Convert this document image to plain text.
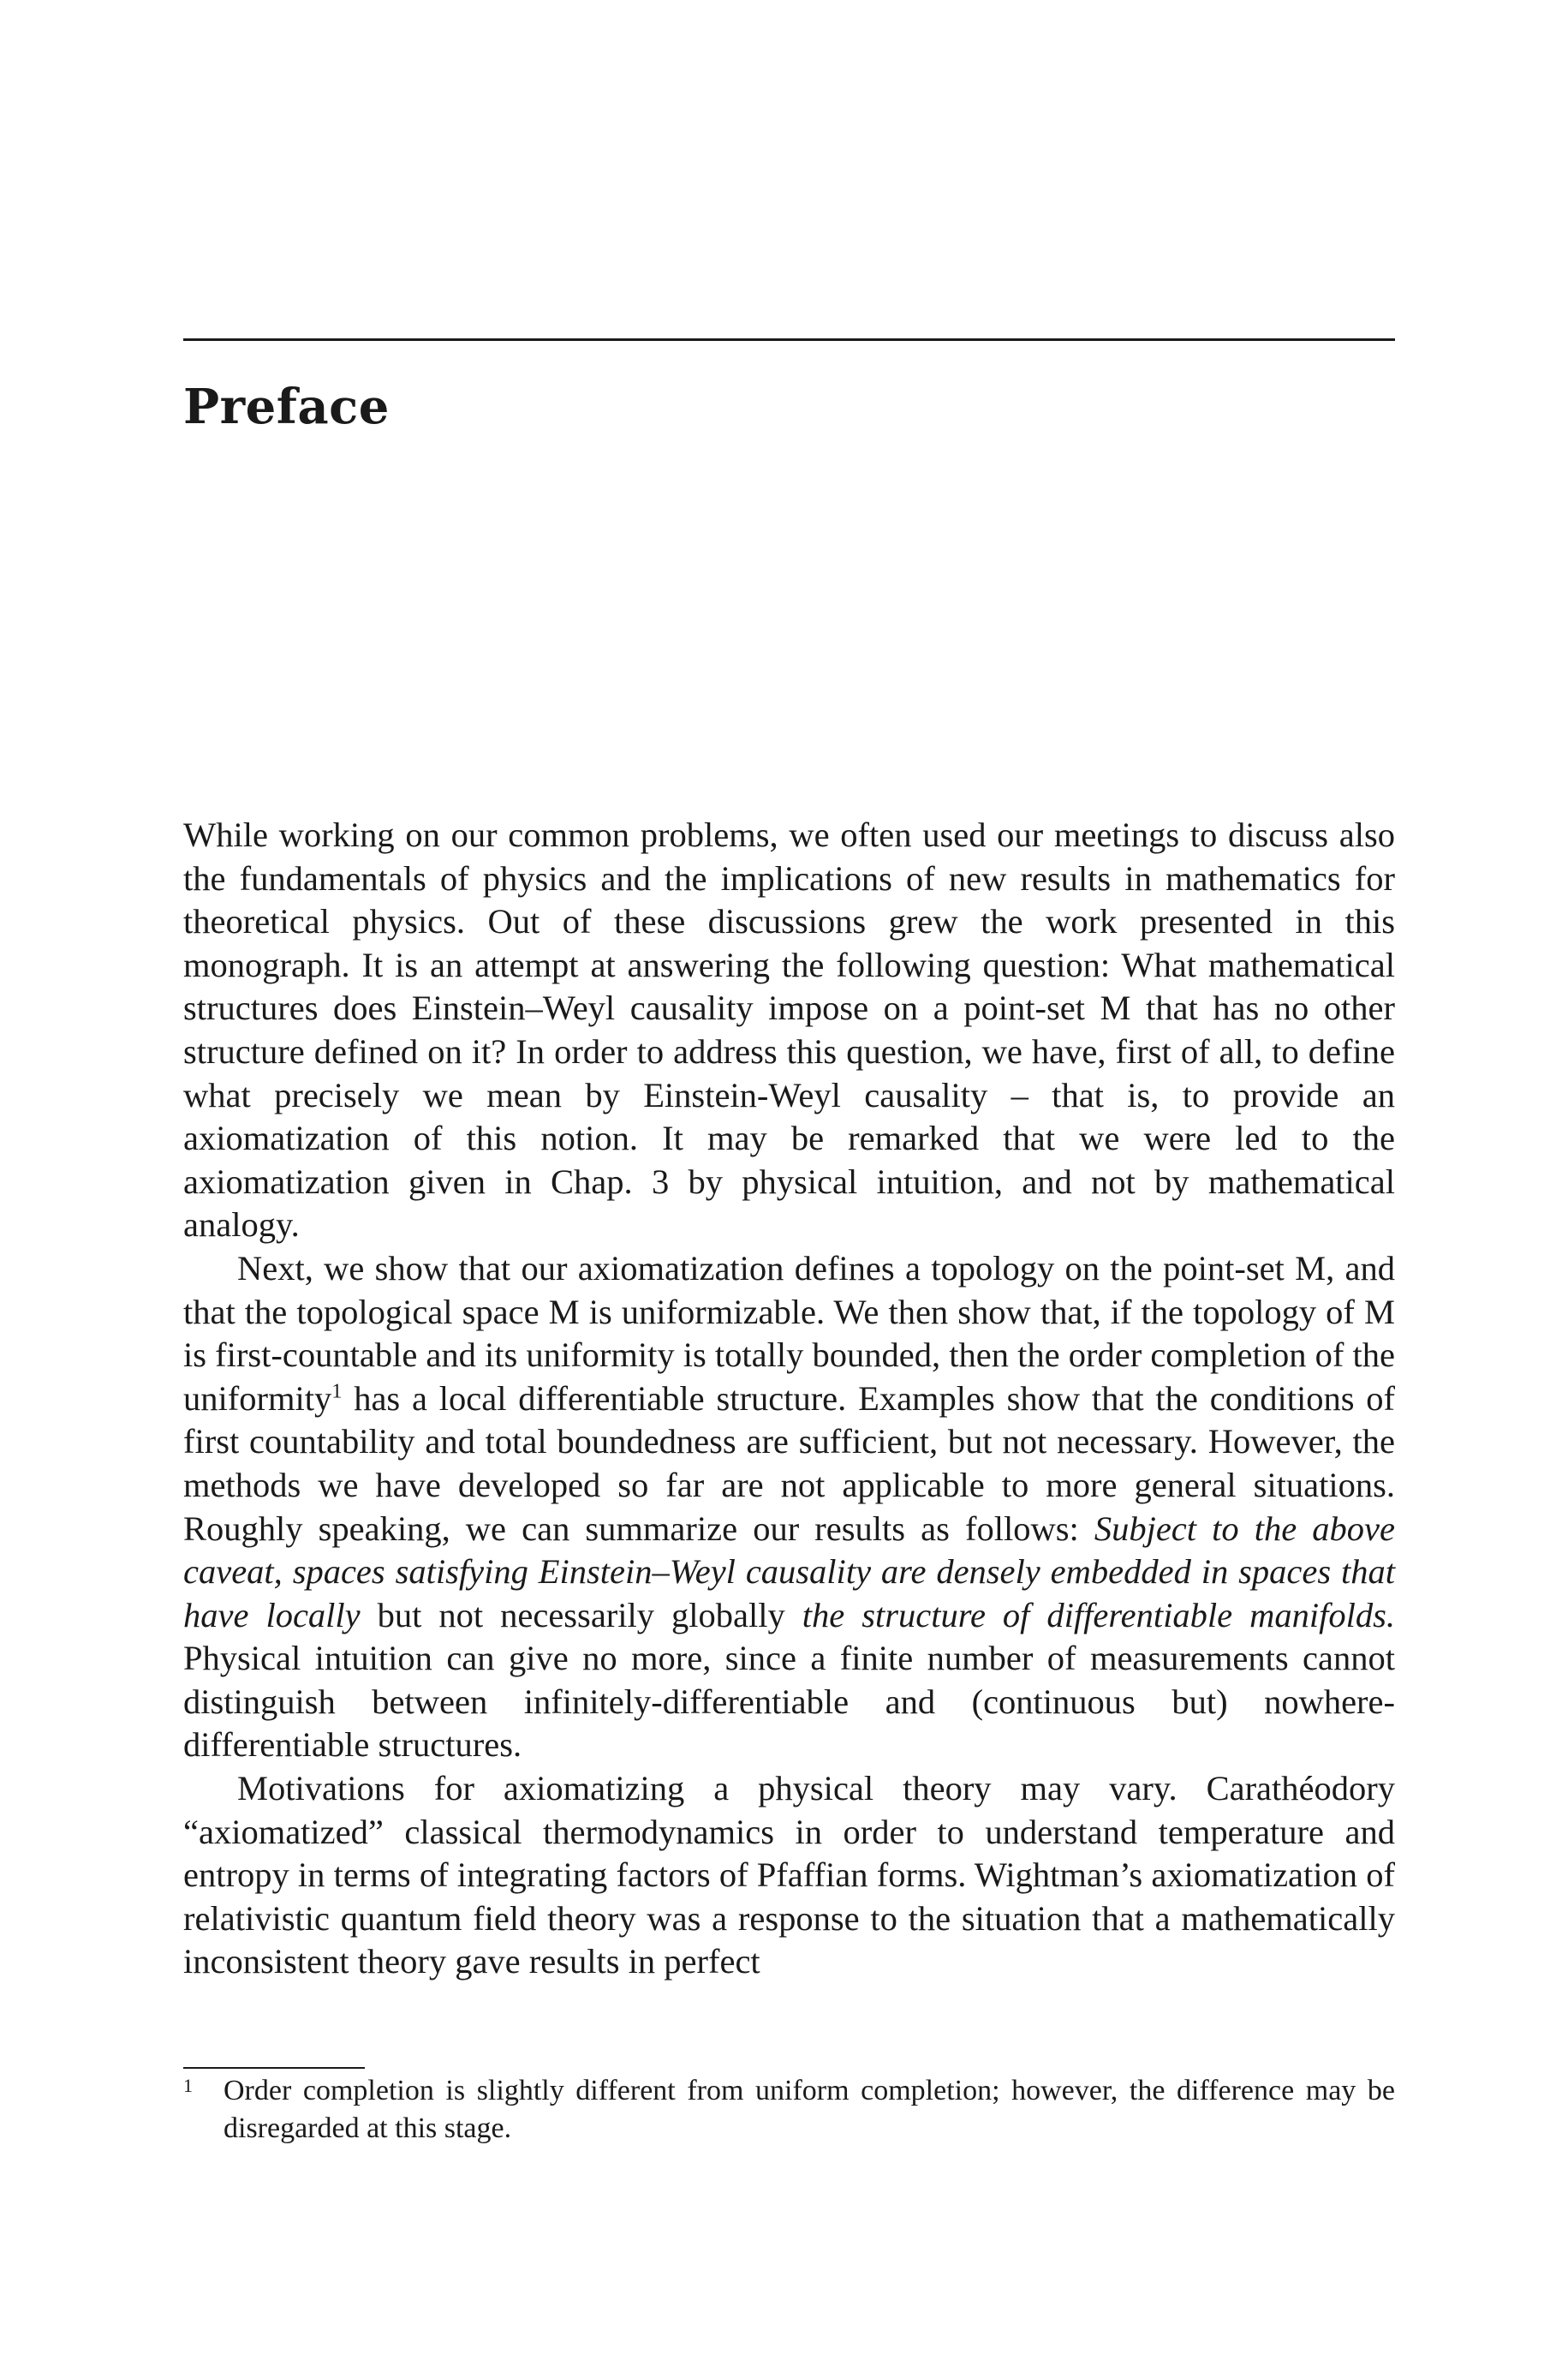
Preface

While working on our common problems, we often used our meetings to discuss also the fundamentals of physics and the implications of new results in mathematics for theoretical physics. Out of these discussions grew the work presented in this monograph. It is an attempt at answering the following question: What mathematical structures does Einstein–Weyl causality impose on a point-set M that has no other structure defined on it? In order to address this question, we have, first of all, to define what precisely we mean by Einstein-Weyl causality – that is, to provide an axiomatization of this notion. It may be remarked that we were led to the axiomatization given in Chap. 3 by physical intuition, and not by mathematical analogy.

Next, we show that our axiomatization defines a topology on the point-set M, and that the topological space M is uniformizable. We then show that, if the topology of M is first-countable and its uniformity is totally bounded, then the order completion of the uniformity$^1$ has a local differentiable structure. Examples show that the conditions of first countability and total boundedness are sufficient, but not necessary. However, the methods we have developed so far are not applicable to more general situations. Roughly speaking, we can summarize our results as follows: Subject to the above caveat, spaces satisfying Einstein–Weyl causality are densely embedded in spaces that have locally but not necessarily globally the structure of differentiable manifolds. Physical intuition can give no more, since a finite number of measurements cannot distinguish between infinitely-differentiable and (continuous but) nowhere-differentiable structures.

Motivations for axiomatizing a physical theory may vary. Carathéodory “axiomatized” classical thermodynamics in order to understand temperature and entropy in terms of integrating factors of Pfaffian forms. Wightman’s axiomatization of relativistic quantum field theory was a response to the situation that a mathematically inconsistent theory gave results in perfect

1	Order completion is slightly different from uniform completion; however, the difference may be disregarded at this stage.
